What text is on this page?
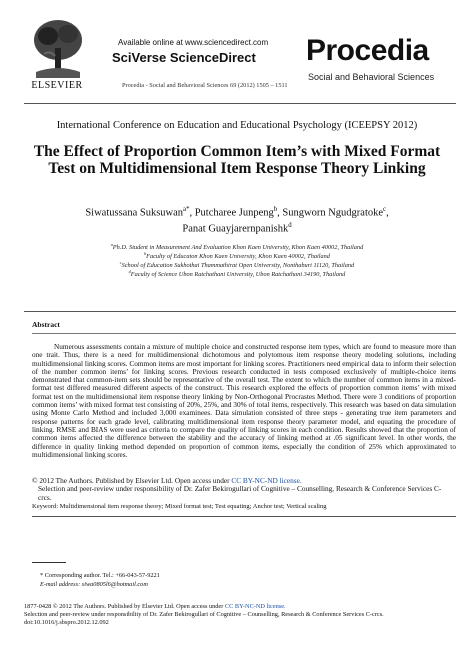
ELSEVIER
Available online at www.sciencedirect.com
SciVerse ScienceDirect
Procedia - Social and Behavioral Sciences 69 (2012) 1505 – 1511
Procedia
Social and Behavioral Sciences
International Conference on Education and Educational Psychology (ICEEPSY 2012)
The Effect of Proportion Common Item’s with Mixed Format Test on Multidimensional Item Response Theory Linking
Siwatussana Suksuwan$^{a*}$, Putcharee Junpeng$^b$, Sungworn Ngudgratoke$^c$,
Panat Guayjarernpanishk$^d$
$^a$Ph.D. Student in Measurement And Evaluation Khon Kaen University, Khon Kaen 40002, Thailand
$^b$Faculty of Educaton Khon Kaen University, Khon Kaen 40002, Thailand
$^c$School of Education Sukhothai Thammathirat Open University, Nonthaburi 11120, Thailand
$^d$Faculty of Science Ubon Ratchathani University, Ubon Ratchathani 34190, Thailand
Abstract
Numerous assessments contain a mixture of multiple choice and constructed response item types, which are found to measure more than one trait. Thus, there is a need for multidimensional dichotomous and polytomous item response theory modeling solutions, including multidimensional linking scores. Common items are most important for linking scores. Practitioners need empirical data to inform their selection of the number common items’ for linking scores. Previous research conducted in tests composed exclusively of multiple-choice items demonstrated that common-item sets should be representative of the overall test. The extent to which the number of common items in a mixed-format test differed measured different aspects of the construct. This research explored the effects of proportion common items’ with mixed format test on the multidimensional item response theory linking by Non-Orthogonal Procrastes Method. There were 3 conditions of proportion common items’ with mixed format test consisting of 20%, 25%, and 30% of total items, respectively. This research was based on data simulation using Monte Carlo Method and included 3,000 examinees. Data simulation consisted of three steps - generating true item parameters and response patterns for each grade level, calibrating multidimensional item response theory parameter model, and equating the procedure of linking. RMSE and BIAS were used as criteria to compare the quality of linking scores in each condition. Results showed that the proportion of common items affected the difference between the stability and the accuracy of linking method at .05 significant level. In other words, the difference in quality linking method depended on proportion of common items, especially the condition of 25% which approximated to multidimensional linking scores.
© 2012 The Authors. Published by Elsevier Ltd. Open access under CC BY-NC-ND license.
Selection and peer-review under responsibility of Dr. Zafer Bekirogullari of Cognitive – Counselling, Research & Conference Services C-crcs.
Keyword: Multidimensional item response theory; Mixed format test; Test equating; Anchor test; Vertical scaling
* Corresponding author. Tel.: +66-043-57-9221
E-mail address: siwa0805l6@hotmail.com
1877-0428 © 2012 The Authors. Published by Elsevier Ltd. Open access under CC BY-NC-ND license.
Selection and peer-review under responsibility of Dr. Zafer Bekirogullari of Cognitive – Counselling, Research & Conference Services C-crcs.
doi:10.1016/j.sbspro.2012.12.092
